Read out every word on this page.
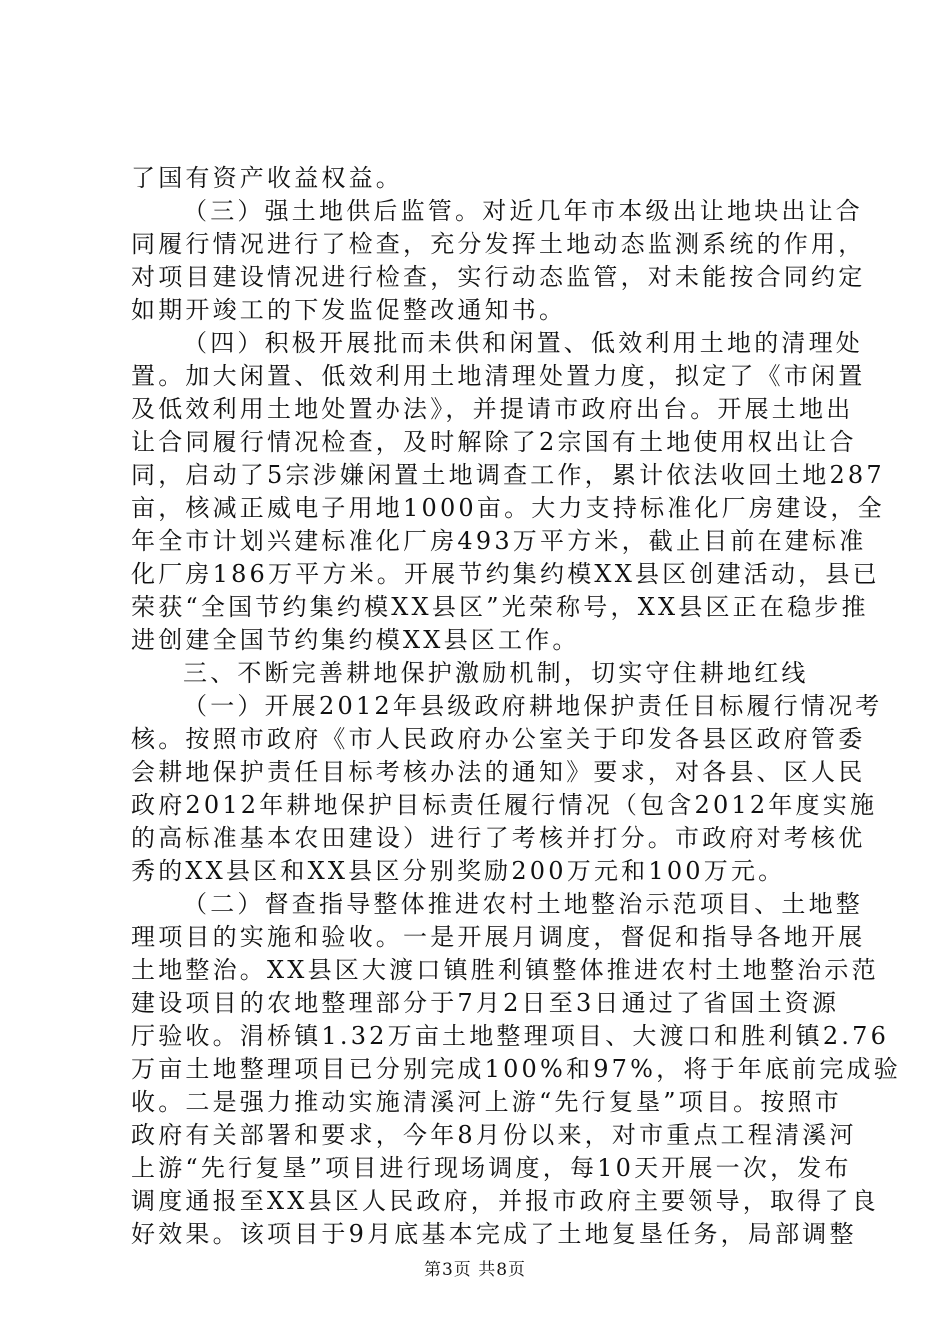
了国有资产收益权益。
（三）强土地供后监管。对近几年市本级出让地块出让合
同履行情况进行了检查，充分发挥土地动态监测系统的作用，
对项目建设情况进行检查，实行动态监管，对未能按合同约定
如期开竣工的下发监促整改通知书。
（四）积极开展批而未供和闲置、低效利用土地的清理处
置。加大闲置、低效利用土地清理处置力度，拟定了《市闲置
及低效利用土地处置办法》，并提请市政府出台。开展土地出
让合同履行情况检查，及时解除了2宗国有土地使用权出让合
同，启动了5宗涉嫌闲置土地调查工作，累计依法收回土地287
亩，核减正威电子用地1000亩。大力支持标准化厂房建设，全
年全市计划兴建标准化厂房493万平方米，截止目前在建标准
化厂房186万平方米。开展节约集约模XX县区创建活动，县已
荣获“全国节约集约模XX县区”光荣称号，XX县区正在稳步推
进创建全国节约集约模XX县区工作。
三、不断完善耕地保护激励机制，切实守住耕地红线
（一）开展2012年县级政府耕地保护责任目标履行情况考
核。按照市政府《市人民政府办公室关于印发各县区政府管委
会耕地保护责任目标考核办法的通知》要求，对各县、区人民
政府2012年耕地保护目标责任履行情况（包含2012年度实施
的高标准基本农田建设）进行了考核并打分。市政府对考核优
秀的XX县区和XX县区分别奖励200万元和100万元。
（二）督查指导整体推进农村土地整治示范项目、土地整
理项目的实施和验收。一是开展月调度，督促和指导各地开展
土地整治。XX县区大渡口镇胜利镇整体推进农村土地整治示范
建设项目的农地整理部分于7月2日至3日通过了省国土资源
厅验收。涓桥镇1.32万亩土地整理项目、大渡口和胜利镇2.76
万亩土地整理项目已分别完成100%和97%，将于年底前完成验
收。二是强力推动实施清溪河上游“先行复垦”项目。按照市
政府有关部署和要求，今年8月份以来，对市重点工程清溪河
上游“先行复垦”项目进行现场调度，每10天开展一次，发布
调度通报至XX县区人民政府，并报市政府主要领导，取得了良
好效果。该项目于9月底基本完成了土地复垦任务，局部调整
第3页 共8页
